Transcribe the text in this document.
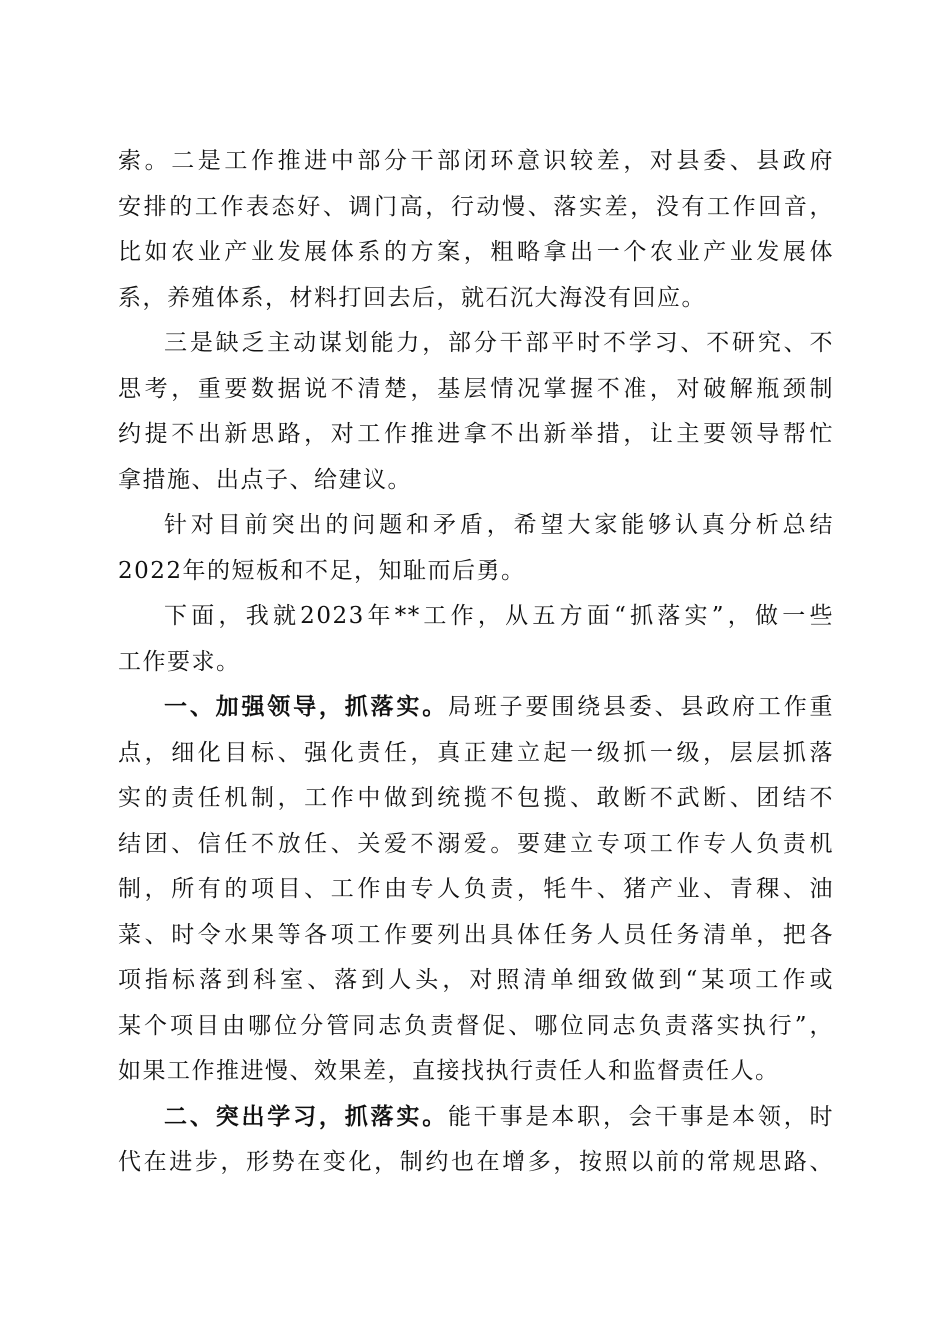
索。二是工作推进中部分干部闭环意识较差，对县委、县政府
安排的工作表态好、调门高，行动慢、落实差，没有工作回音，
比如农业产业发展体系的方案，粗略拿出一个农业产业发展体
系，养殖体系，材料打回去后，就石沉大海没有回应。
三是缺乏主动谋划能力，部分干部平时不学习、不研究、不
思考，重要数据说不清楚，基层情况掌握不准，对破解瓶颈制
约提不出新思路，对工作推进拿不出新举措，让主要领导帮忙
拿措施、出点子、给建议。
针对目前突出的问题和矛盾，希望大家能够认真分析总结
2022年的短板和不足，知耻而后勇。
下面，我就2023年**工作，从五方面“抓落实”，做一些
工作要求。
一、加强领导，抓落实。局班子要围绕县委、县政府工作重
点，细化目标、强化责任，真正建立起一级抓一级，层层抓落
实的责任机制，工作中做到统揽不包揽、敢断不武断、团结不
结团、信任不放任、关爱不溺爱。要建立专项工作专人负责机
制，所有的项目、工作由专人负责，牦牛、猪产业、青稞、油
菜、时令水果等各项工作要列出具体任务人员任务清单，把各
项指标落到科室、落到人头，对照清单细致做到“某项工作或
某个项目由哪位分管同志负责督促、哪位同志负责落实执行”，
如果工作推进慢、效果差，直接找执行责任人和监督责任人。
二、突出学习，抓落实。能干事是本职，会干事是本领，时
代在进步，形势在变化，制约也在增多，按照以前的常规思路、
